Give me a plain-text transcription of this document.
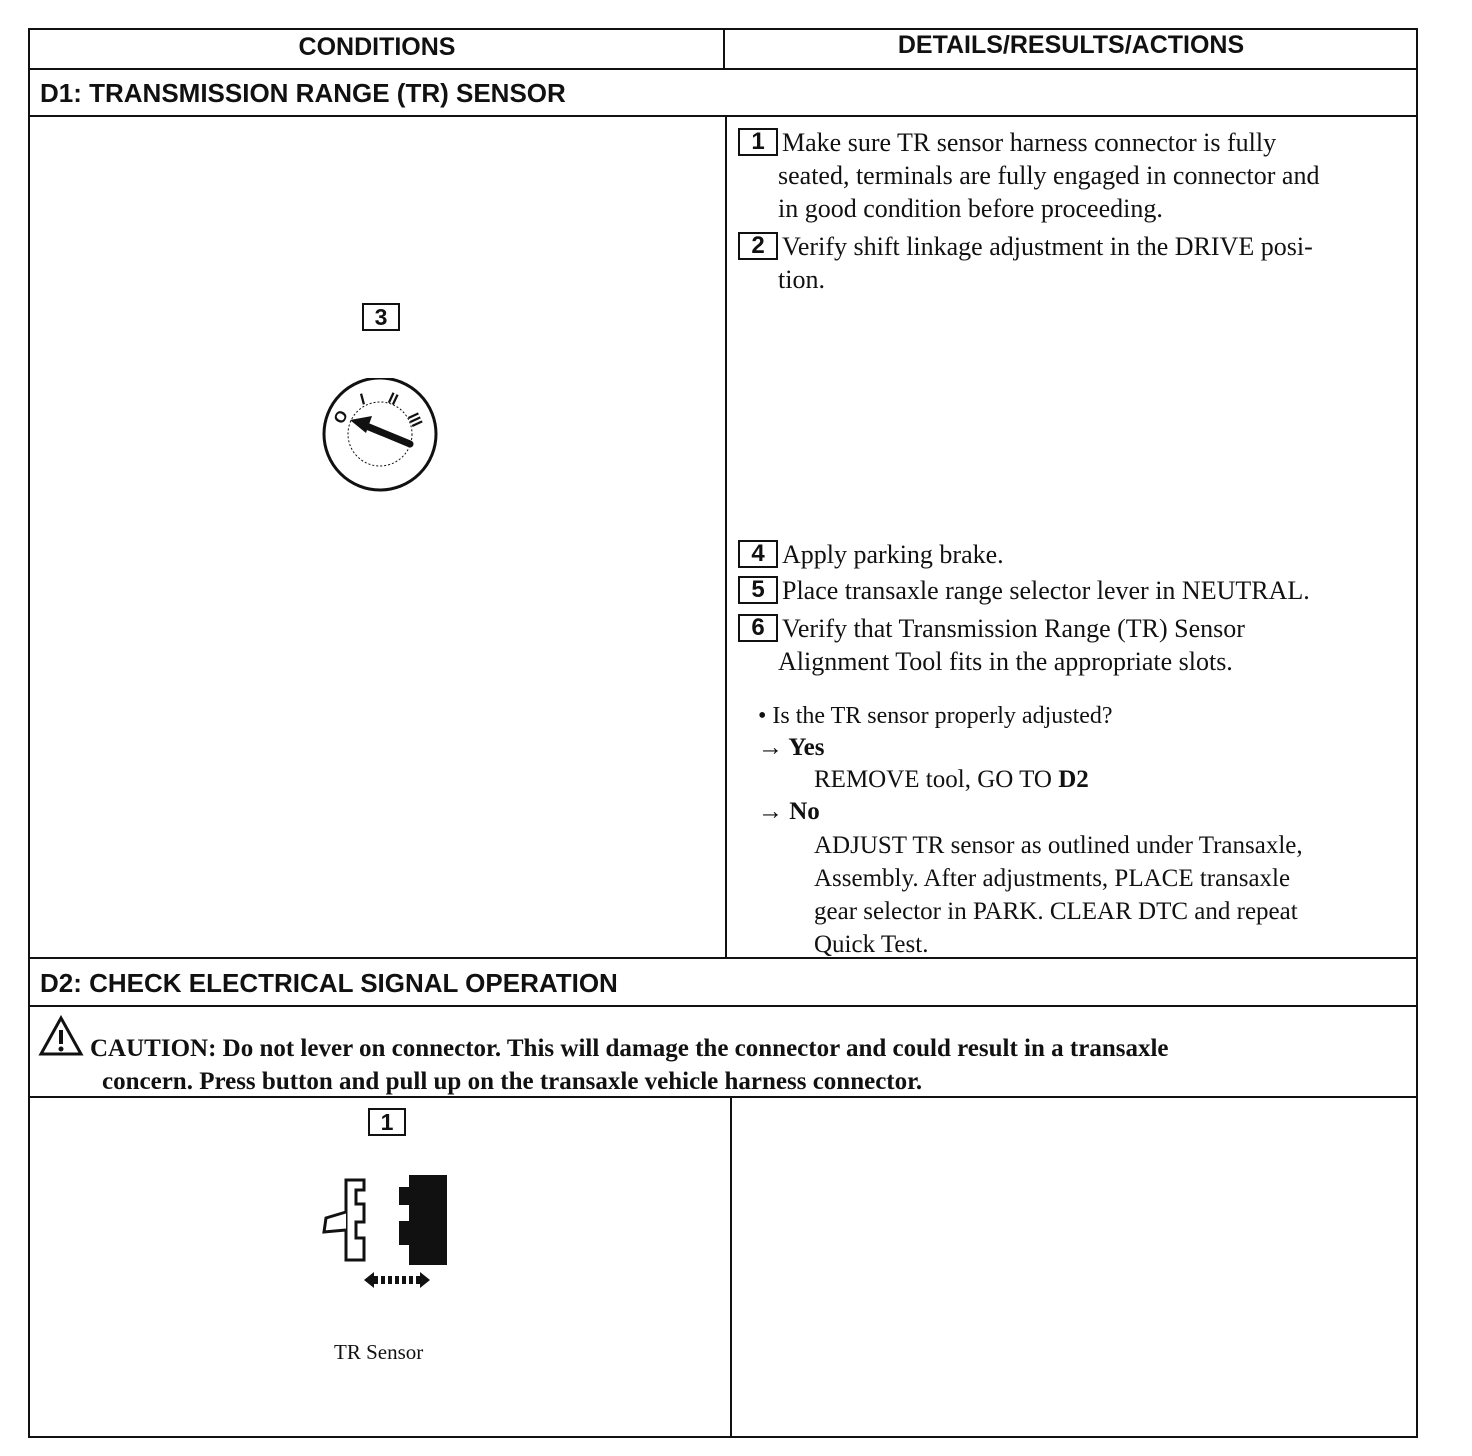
CONDITIONS	DETAILS/RESULTS/ACTIONS
D1: TRANSMISSION RANGE (TR) SENSOR
3
O
I II
III
1 Make sure TR sensor harness connector is fully
seated, terminals are fully engaged in connector and
in good condition before proceeding.
2 Verify shift linkage adjustment in the DRIVE posi-
tion.
4 Apply parking brake.
5 Place transaxle range selector lever in NEUTRAL.
6 Verify that Transmission Range (TR) Sensor
Alignment Tool fits in the appropriate slots.
• Is the TR sensor properly adjusted?
→ Yes
REMOVE tool, GO TO D2
→ No
ADJUST TR sensor as outlined under Transaxle,
Assembly. After adjustments, PLACE transaxle
gear selector in PARK. CLEAR DTC and repeat
Quick Test.
D2: CHECK ELECTRICAL SIGNAL OPERATION
CAUTION: Do not lever on connector. This will damage the connector and could result in a transaxle
concern. Press button and pull up on the transaxle vehicle harness connector.
1
TR Sensor
